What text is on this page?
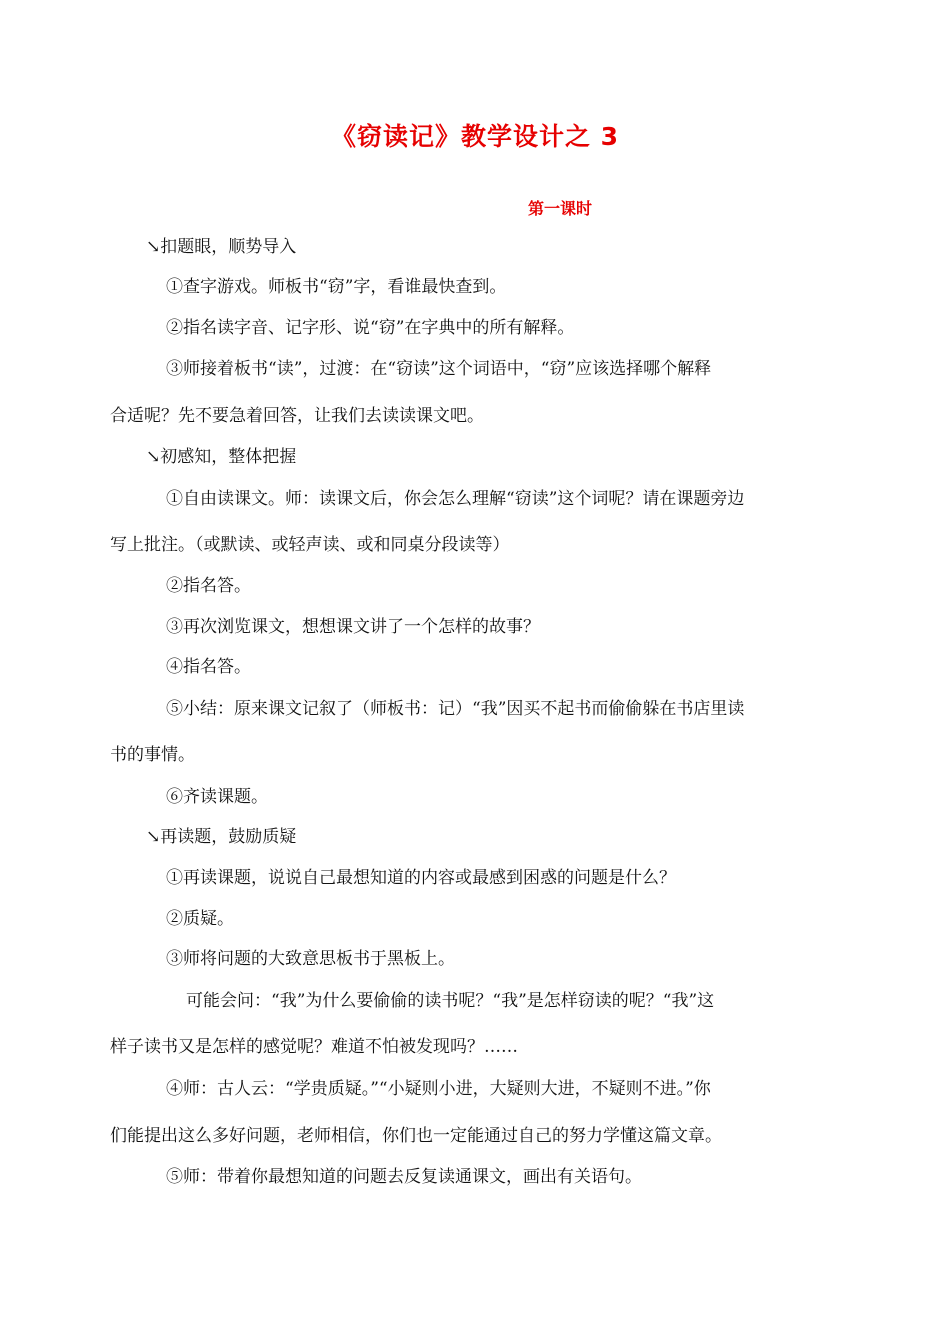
《窃读记》教学设计之 3
第一课时
↘扣题眼，顺势导入
①查字游戏。师板书“窃”字，看谁最快查到。
②指名读字音、记字形、说“窃”在字典中的所有解释。
③师接着板书“读”，过渡：在“窃读”这个词语中，“窃”应该选择哪个解释
合适呢？先不要急着回答，让我们去读读课文吧。
↘初感知，整体把握
①自由读课文。师：读课文后，你会怎么理解“窃读”这个词呢？请在课题旁边
写上批注。（或默读、或轻声读、或和同桌分段读等）
②指名答。
③再次浏览课文，想想课文讲了一个怎样的故事？
④指名答。
⑤小结：原来课文记叙了（师板书：记）“我”因买不起书而偷偷躲在书店里读
书的事情。
⑥齐读课题。
↘再读题，鼓励质疑
①再读课题，说说自己最想知道的内容或最感到困惑的问题是什么？
②质疑。
③师将问题的大致意思板书于黑板上。
可能会问：“我”为什么要偷偷的读书呢？“我”是怎样窃读的呢？“我”这
样子读书又是怎样的感觉呢？难道不怕被发现吗？……
④师：古人云：“学贵质疑。”“小疑则小进，大疑则大进，不疑则不进。”你
们能提出这么多好问题，老师相信，你们也一定能通过自己的努力学懂这篇文章。
⑤师：带着你最想知道的问题去反复读通课文，画出有关语句。
